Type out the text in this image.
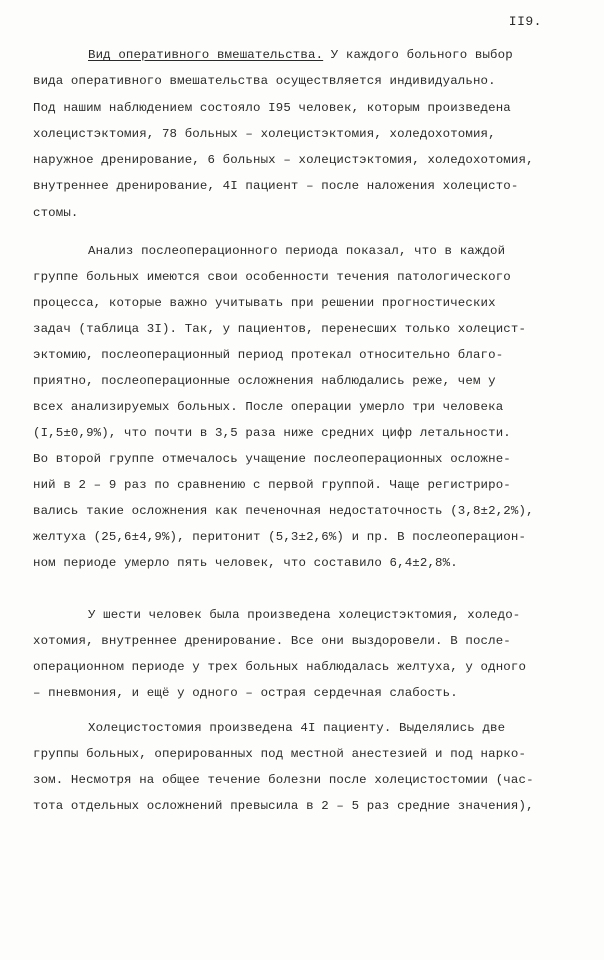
II9.
Вид оперативного вмешательства. У каждого больного выбор
вида оперативного вмешательства осуществляется индивидуально.
Под нашим наблюдением состояло I95 человек, которым произведена
холецистэктомия, 78 больных – холецистэктомия, холедохотомия,
наружное дренирование, 6 больных – холецистэктомия, холедохотомия,
внутреннее дренирование, 4I пациент – после наложения холецисто-
стомы.
Анализ послеоперационного периода показал, что в каждой
группе больных имеются свои особенности течения патологического
процесса, которые важно учитывать при решении прогностических
задач (таблица 3I). Так, у пациентов, перенесших только холецист-
эктомию, послеоперационный период протекал относительно благо-
приятно, послеоперационные осложнения наблюдались реже, чем у
всех анализируемых больных. После операции умерло три человека
(I,5±0,9%), что почти в 3,5 раза ниже средних цифр летальности.
Во второй группе отмечалось учащение послеоперационных осложне-
ний в 2 – 9 раз по сравнению с первой группой. Чаще регистриро-
вались такие осложнения как печеночная недостаточность (3,8±2,2%),
желтуха (25,6±4,9%), перитонит (5,3±2,6%) и пр. В послеоперацион-
ном периоде умерло пять человек, что составило 6,4±2,8%.
У шести человек была произведена холецистэктомия, холедо-
хотомия, внутреннее дренирование. Все они выздоровели. В после-
операционном периоде у трех больных наблюдалась желтуха, у одного
– пневмония, и ещё у одного – острая сердечная слабость.
Холецистостомия произведена 4I пациенту. Выделялись две
группы больных, оперированных под местной анестезией и под нарко-
зом. Несмотря на общее течение болезни после холецистостомии (час-
тота отдельных осложнений превысила в 2 – 5 раз средние значения),
